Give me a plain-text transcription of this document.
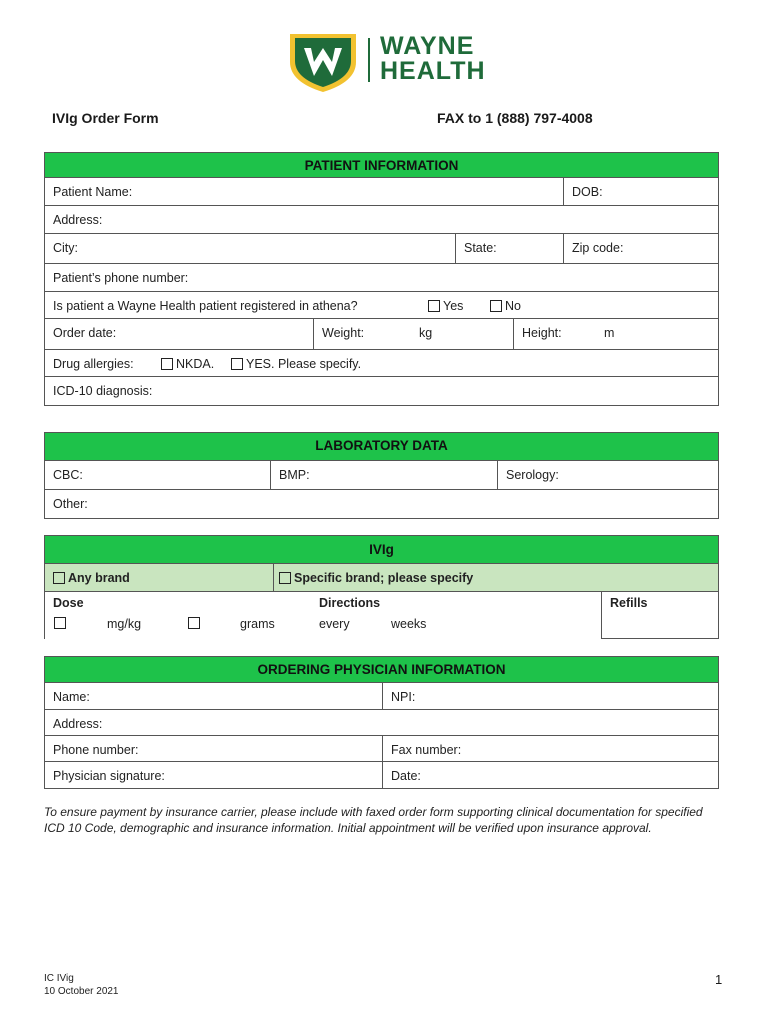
WAYNE
HEALTH
IVIg Order Form	FAX to 1 (888) 797-4008
PATIENT INFORMATION
Patient Name:	DOB:
Address:
City:	State:	Zip code:
Patient’s phone number:
Is patient a Wayne Health patient registered in athena?	Yes	No
Order date:	Weight:	kg	Height:	m
Drug allergies:	NKDA.	YES. Please specify.
ICD-10 diagnosis:
LABORATORY DATA
CBC:	BMP:	Serology:
Other:
IVIg
Any brand	Specific brand; please specify
Dose	Directions	Refills
mg/kg	grams	every	weeks
ORDERING PHYSICIAN INFORMATION
Name:	NPI:
Address:
Phone number:	Fax number:
Physician signature:	Date:
To ensure payment by insurance carrier, please include with faxed order form supporting clinical documentation for specified ICD 10 Code, demographic and insurance information. Initial appointment will be verified upon insurance approval.
IC IVig
10 October 2021
1
